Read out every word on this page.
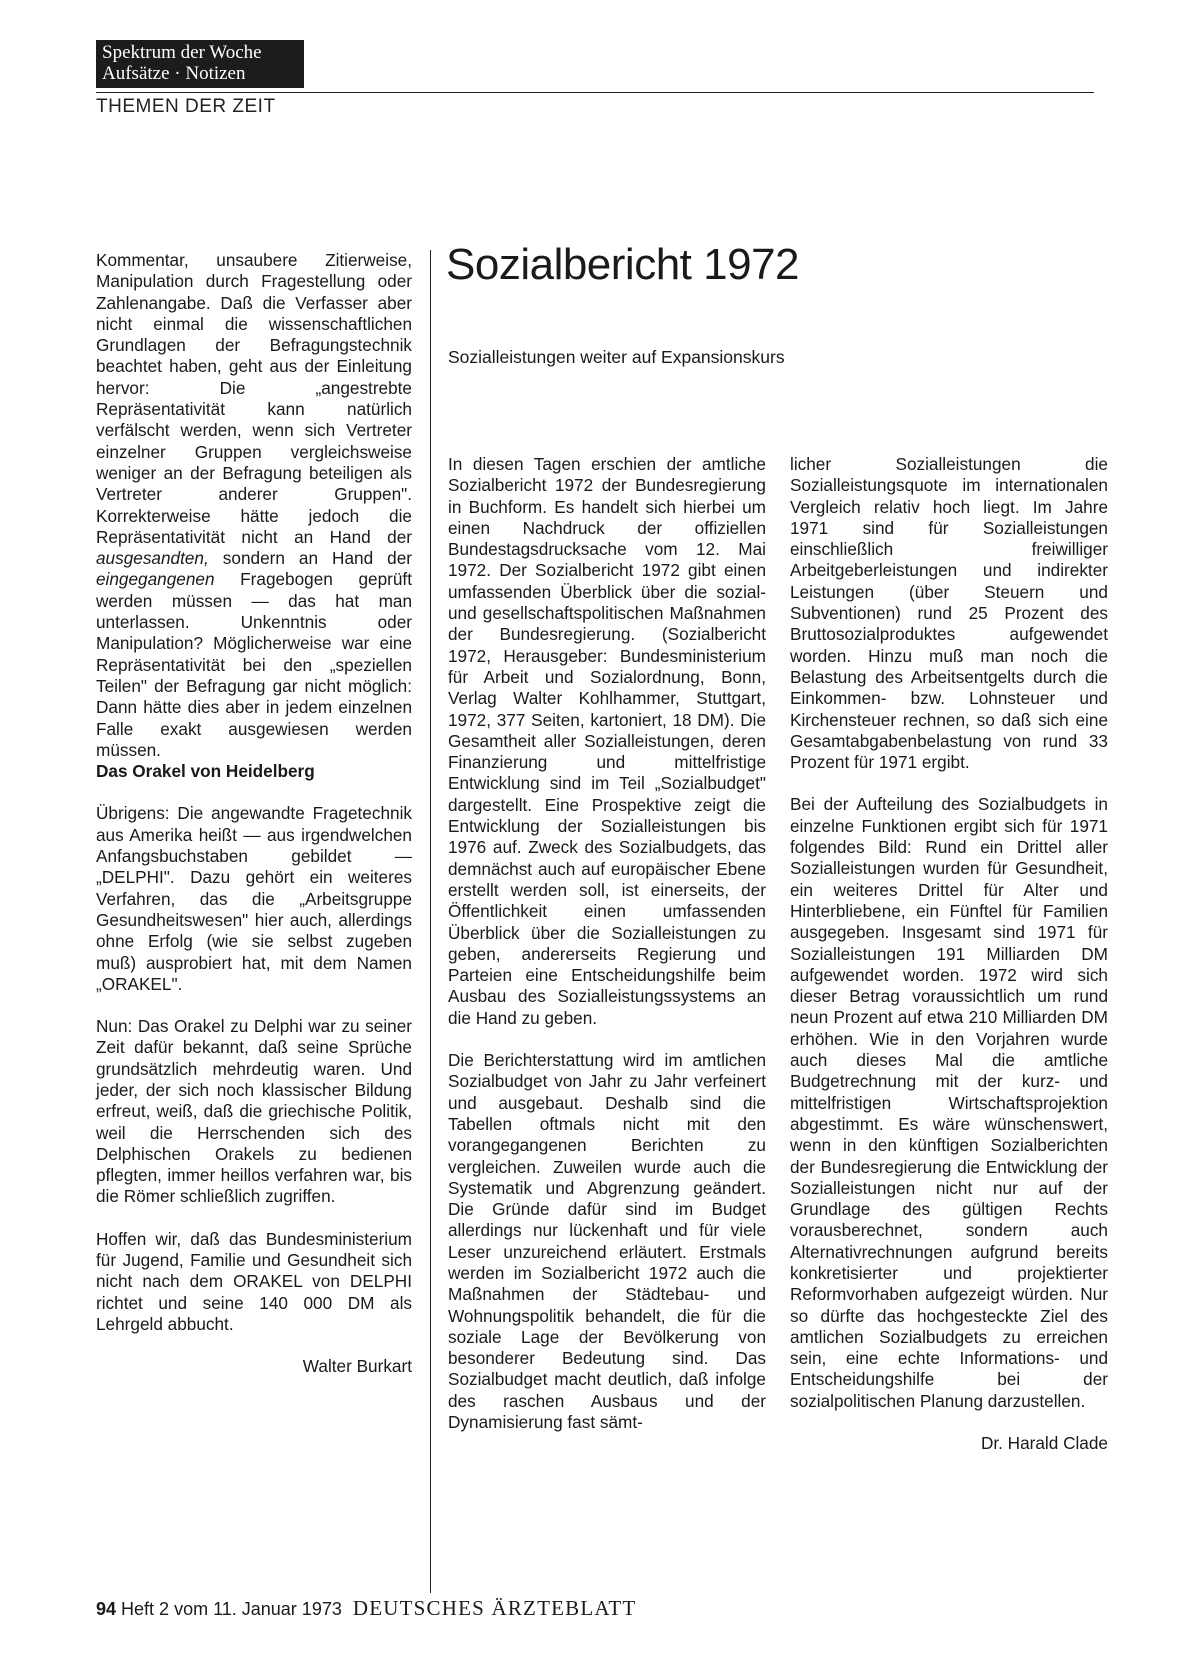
Spektrum der Woche
Aufsätze · Notizen
THEMEN DER ZEIT

Kommentar, unsaubere Zitierweise, Manipulation durch Fragestellung oder Zahlenangabe. Daß die Verfasser aber nicht einmal die wissenschaftlichen Grundlagen der Befragungstechnik beachtet haben, geht aus der Einleitung hervor: Die „angestrebte Repräsentativität kann natürlich verfälscht werden, wenn sich Vertreter einzelner Gruppen vergleichsweise weniger an der Befragung beteiligen als Vertreter anderer Gruppen". Korrekterweise hätte jedoch die Repräsentativität nicht an Hand der ausgesandten, sondern an Hand der eingegangenen Fragebogen geprüft werden müssen — das hat man unterlassen. Unkenntnis oder Manipulation? Möglicherweise war eine Repräsentativität bei den „speziellen Teilen" der Befragung gar nicht möglich: Dann hätte dies aber in jedem einzelnen Falle exakt ausgewiesen werden müssen.

Das Orakel von Heidelberg

Übrigens: Die angewandte Fragetechnik aus Amerika heißt — aus irgendwelchen Anfangsbuchstaben gebildet — „DELPHI". Dazu gehört ein weiteres Verfahren, das die „Arbeitsgruppe Gesundheitswesen" hier auch, allerdings ohne Erfolg (wie sie selbst zugeben muß) ausprobiert hat, mit dem Namen „ORAKEL".

Nun: Das Orakel zu Delphi war zu seiner Zeit dafür bekannt, daß seine Sprüche grundsätzlich mehrdeutig waren. Und jeder, der sich noch klassischer Bildung erfreut, weiß, daß die griechische Politik, weil die Herrschenden sich des Delphischen Orakels zu bedienen pflegten, immer heillos verfahren war, bis die Römer schließlich zugriffen.

Hoffen wir, daß das Bundesministerium für Jugend, Familie und Gesundheit sich nicht nach dem ORAKEL von DELPHI richtet und seine 140 000 DM als Lehrgeld abbucht.

Walter Burkart
Sozialbericht 1972
Sozialleistungen weiter auf Expansionskurs

In diesen Tagen erschien der amtliche Sozialbericht 1972 der Bundesregierung in Buchform. Es handelt sich hierbei um einen Nachdruck der offiziellen Bundestagsdrucksache vom 12. Mai 1972. Der Sozialbericht 1972 gibt einen umfassenden Überblick über die sozial- und gesellschaftspolitischen Maßnahmen der Bundesregierung. (Sozialbericht 1972, Herausgeber: Bundesministerium für Arbeit und Sozialordnung, Bonn, Verlag Walter Kohlhammer, Stuttgart, 1972, 377 Seiten, kartoniert, 18 DM). Die Gesamtheit aller Sozialleistungen, deren Finanzierung und mittelfristige Entwicklung sind im Teil „Sozialbudget" dargestellt. Eine Prospektive zeigt die Entwicklung der Sozialleistungen bis 1976 auf. Zweck des Sozialbudgets, das demnächst auch auf europäischer Ebene erstellt werden soll, ist einerseits, der Öffentlichkeit einen umfassenden Überblick über die Sozialleistungen zu geben, andererseits Regierung und Parteien eine Entscheidungshilfe beim Ausbau des Sozialleistungssystems an die Hand zu geben.

Die Berichterstattung wird im amtlichen Sozialbudget von Jahr zu Jahr verfeinert und ausgebaut. Deshalb sind die Tabellen oftmals nicht mit den vorangegangenen Berichten zu vergleichen. Zuweilen wurde auch die Systematik und Abgrenzung geändert. Die Gründe dafür sind im Budget allerdings nur lückenhaft und für viele Leser unzureichend erläutert. Erstmals werden im Sozialbericht 1972 auch die Maßnahmen der Städtebau- und Wohnungspolitik behandelt, die für die soziale Lage der Bevölkerung von besonderer Bedeutung sind. Das Sozialbudget macht deutlich, daß infolge des raschen Ausbaus und der Dynamisierung fast sämt-

licher Sozialleistungen die Sozialleistungsquote im internationalen Vergleich relativ hoch liegt. Im Jahre 1971 sind für Sozialleistungen einschließlich freiwilliger Arbeitgeberleistungen und indirekter Leistungen (über Steuern und Subventionen) rund 25 Prozent des Bruttosozialproduktes aufgewendet worden. Hinzu muß man noch die Belastung des Arbeitsentgelts durch die Einkommen- bzw. Lohnsteuer und Kirchensteuer rechnen, so daß sich eine Gesamtabgabenbelastung von rund 33 Prozent für 1971 ergibt.

Bei der Aufteilung des Sozialbudgets in einzelne Funktionen ergibt sich für 1971 folgendes Bild: Rund ein Drittel aller Sozialleistungen wurden für Gesundheit, ein weiteres Drittel für Alter und Hinterbliebene, ein Fünftel für Familien ausgegeben. Insgesamt sind 1971 für Sozialleistungen 191 Milliarden DM aufgewendet worden. 1972 wird sich dieser Betrag voraussichtlich um rund neun Prozent auf etwa 210 Milliarden DM erhöhen. Wie in den Vorjahren wurde auch dieses Mal die amtliche Budgetrechnung mit der kurz- und mittelfristigen Wirtschaftsprojektion abgestimmt. Es wäre wünschenswert, wenn in den künftigen Sozialberichten der Bundesregierung die Entwicklung der Sozialleistungen nicht nur auf der Grundlage des gültigen Rechts vorausberechnet, sondern auch Alternativrechnungen aufgrund bereits konkretisierter und projektierter Reformvorhaben aufgezeigt würden. Nur so dürfte das hochgesteckte Ziel des amtlichen Sozialbudgets zu erreichen sein, eine echte Informations- und Entscheidungshilfe bei der sozialpolitischen Planung darzustellen.

Dr. Harald Clade
94 Heft 2 vom 11. Januar 1973 DEUTSCHES ÄRZTEBLATT
